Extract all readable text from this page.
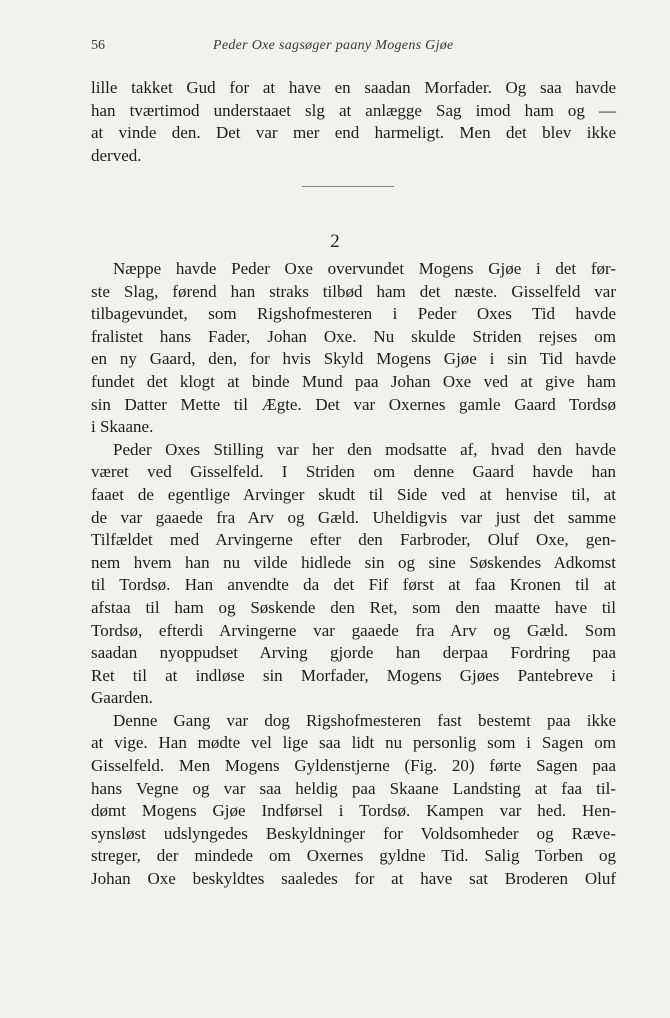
56	Peder Oxe sagsøger paany Mogens Gjøe
lille takket Gud for at have en saadan Morfader. Og saa havde
han tværtimod understaaet slg at anlægge Sag imod ham og —
at vinde den. Det var mer end harmeligt. Men det blev ikke
derved.
2
Næppe havde Peder Oxe overvundet Mogens Gjøe i det før-
ste Slag, førend han straks tilbød ham det næste. Gisselfeld var
tilbagevundet, som Rigshofmesteren i Peder Oxes Tid havde
fralistet hans Fader, Johan Oxe. Nu skulde Striden rejses om
en ny Gaard, den, for hvis Skyld Mogens Gjøe i sin Tid havde
fundet det klogt at binde Mund paa Johan Oxe ved at give ham
sin Datter Mette til Ægte. Det var Oxernes gamle Gaard Tordsø
i Skaane.
Peder Oxes Stilling var her den modsatte af, hvad den havde
været ved Gisselfeld. I Striden om denne Gaard havde han
faaet de egentlige Arvinger skudt til Side ved at henvise til, at
de var gaaede fra Arv og Gæld. Uheldigvis var just det samme
Tilfældet med Arvingerne efter den Farbroder, Oluf Oxe, gen-
nem hvem han nu vilde hidlede sin og sine Søskendes Adkomst
til Tordsø. Han anvendte da det Fif først at faa Kronen til at
afstaa til ham og Søskende den Ret, som den maatte have til
Tordsø, efterdi Arvingerne var gaaede fra Arv og Gæld. Som
saadan nyoppudset Arving gjorde han derpaa Fordring paa
Ret til at indløse sin Morfader, Mogens Gjøes Pantebreve i
Gaarden.
Denne Gang var dog Rigshofmesteren fast bestemt paa ikke
at vige. Han mødte vel lige saa lidt nu personlig som i Sagen om
Gisselfeld. Men Mogens Gyldenstjerne (Fig. 20) førte Sagen paa
hans Vegne og var saa heldig paa Skaane Landsting at faa til-
dømt Mogens Gjøe Indførsel i Tordsø. Kampen var hed. Hen-
synsløst udslyngedes Beskyldninger for Voldsomheder og Ræve-
streger, der mindede om Oxernes gyldne Tid. Salig Torben og
Johan Oxe beskyldtes saaledes for at have sat Broderen Oluf
